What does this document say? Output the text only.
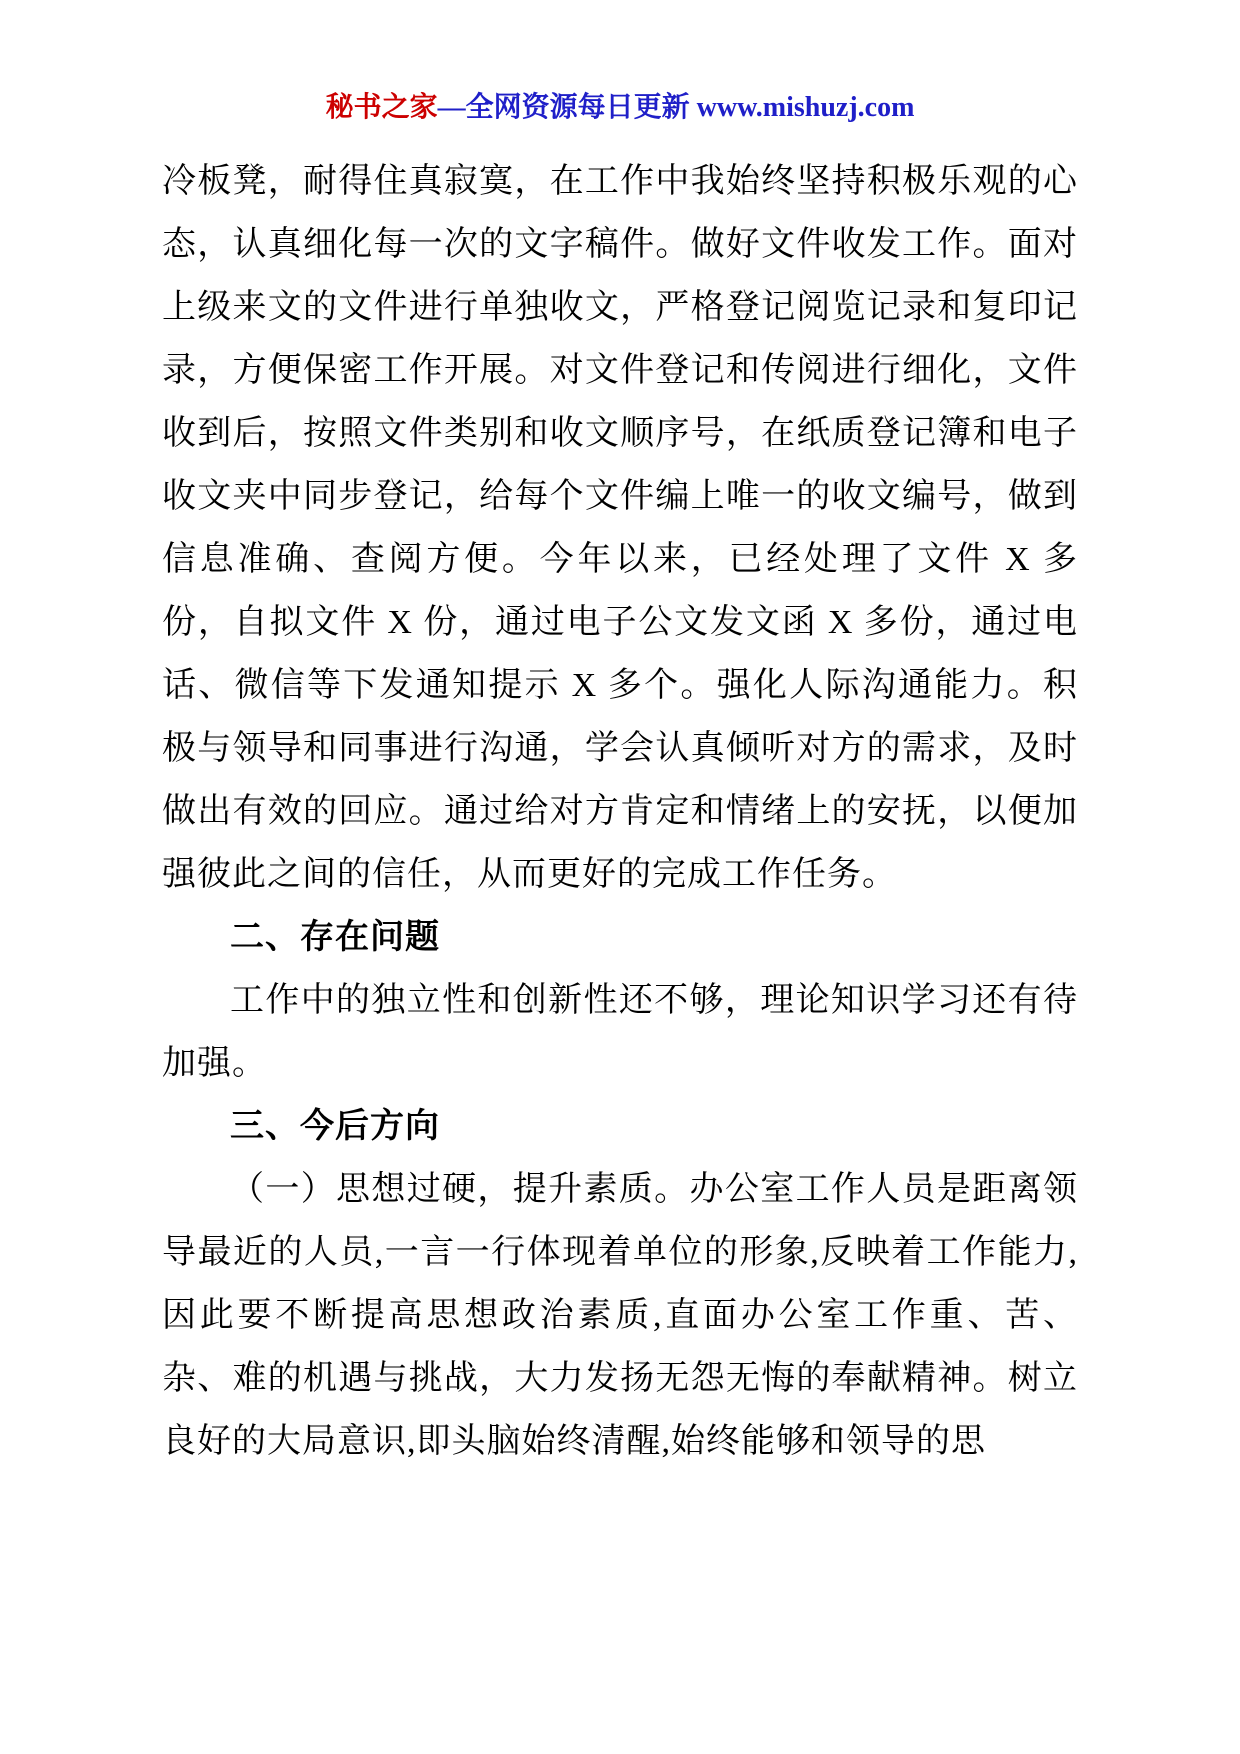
秘书之家—全网资源每日更新 www.mishuzj.com

冷板凳，耐得住真寂寞，在工作中我始终坚持积极乐观的心态，认真细化每一次的文字稿件。做好文件收发工作。面对上级来文的文件进行单独收文，严格登记阅览记录和复印记录，方便保密工作开展。对文件登记和传阅进行细化，文件收到后，按照文件类别和收文顺序号，在纸质登记簿和电子收文夹中同步登记，给每个文件编上唯一的收文编号，做到信息准确、查阅方便。今年以来，已经处理了文件 X 多份，自拟文件 X 份，通过电子公文发文函 X 多份，通过电话、微信等下发通知提示 X 多个。强化人际沟通能力。积极与领导和同事进行沟通，学会认真倾听对方的需求，及时做出有效的回应。通过给对方肯定和情绪上的安抚，以便加强彼此之间的信任，从而更好的完成工作任务。

二、存在问题

工作中的独立性和创新性还不够，理论知识学习还有待加强。

三、今后方向

（一）思想过硬，提升素质。办公室工作人员是距离领导最近的人员,一言一行体现着单位的形象,反映着工作能力,因此要不断提高思想政治素质,直面办公室工作重、苦、杂、难的机遇与挑战，大力发扬无怨无悔的奉献精神。树立良好的大局意识,即头脑始终清醒,始终能够和领导的思
